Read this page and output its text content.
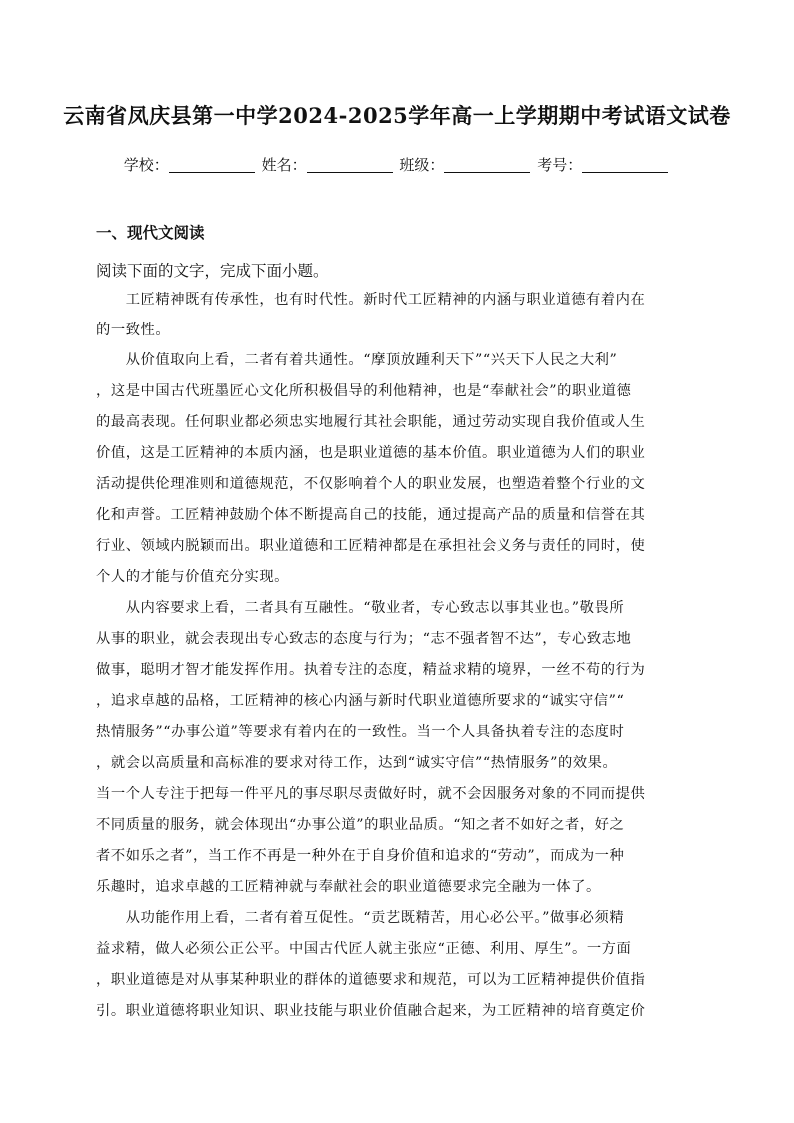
云南省凤庆县第一中学2024-2025学年高一上学期期中考试语文试卷
学校：	姓名：	班级：	考号：
一、现代文阅读
阅读下面的文字，完成下面小题。
　　工匠精神既有传承性，也有时代性。新时代工匠精神的内涵与职业道德有着内在
的一致性。
　　从价值取向上看，二者有着共通性。“摩顶放踵利天下”“兴天下人民之大利”
，这是中国古代班墨匠心文化所积极倡导的利他精神，也是“奉献社会”的职业道德
的最高表现。任何职业都必须忠实地履行其社会职能，通过劳动实现自我价值或人生
价值，这是工匠精神的本质内涵，也是职业道德的基本价值。职业道德为人们的职业
活动提供伦理准则和道德规范，不仅影响着个人的职业发展，也塑造着整个行业的文
化和声誉。工匠精神鼓励个体不断提高自己的技能，通过提高产品的质量和信誉在其
行业、领域内脱颖而出。职业道德和工匠精神都是在承担社会义务与责任的同时，使
个人的才能与价值充分实现。
　　从内容要求上看，二者具有互融性。“敬业者，专心致志以事其业也。”敬畏所
从事的职业，就会表现出专心致志的态度与行为；“志不强者智不达”，专心致志地
做事，聪明才智才能发挥作用。执着专注的态度，精益求精的境界，一丝不苟的行为
，追求卓越的品格，工匠精神的核心内涵与新时代职业道德所要求的“诚实守信”“
热情服务”“办事公道”等要求有着内在的一致性。当一个人具备执着专注的态度时
，就会以高质量和高标准的要求对待工作，达到“诚实守信”“热情服务”的效果。
当一个人专注于把每一件平凡的事尽职尽责做好时，就不会因服务对象的不同而提供
不同质量的服务，就会体现出“办事公道”的职业品质。“知之者不如好之者，好之
者不如乐之者”，当工作不再是一种外在于自身价值和追求的“劳动”，而成为一种
乐趣时，追求卓越的工匠精神就与奉献社会的职业道德要求完全融为一体了。
　　从功能作用上看，二者有着互促性。“贡艺既精苦，用心必公平。”做事必须精
益求精，做人必须公正公平。中国古代匠人就主张应“正德、利用、厚生”。一方面
，职业道德是对从事某种职业的群体的道德要求和规范，可以为工匠精神提供价值指
引。职业道德将职业知识、职业技能与职业价值融合起来，为工匠精神的培育奠定价
